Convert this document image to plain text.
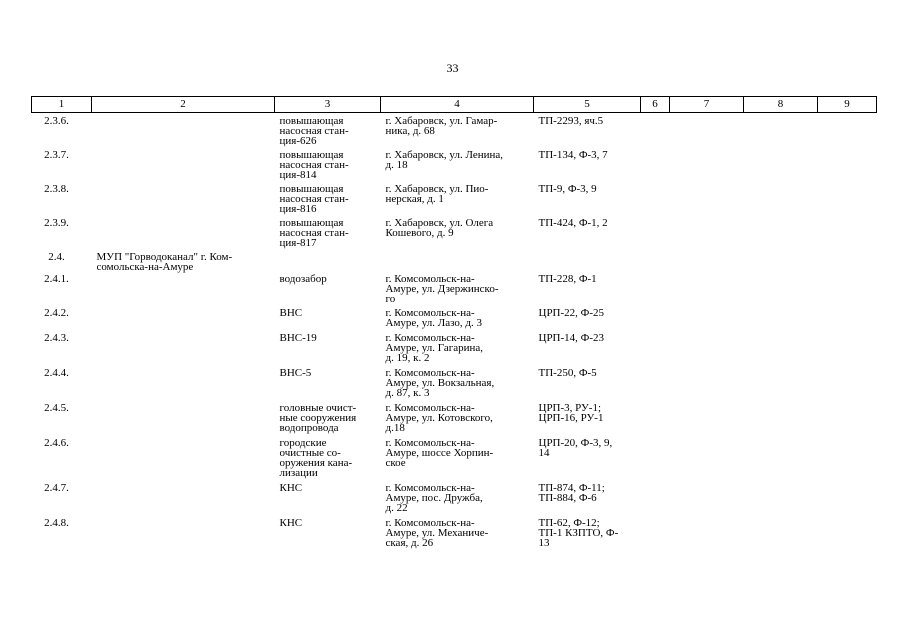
33
1	2	3	4	5	6	7	8	9

2.3.6.		повышающая
насосная стан-
ция-626	г. Хабаровск, ул. Гамар-
ника, д. 68	ТП-2293, яч.5				

2.3.7.		повышающая
насосная стан-
ция-814	г. Хабаровск, ул. Ленина,
д. 18	ТП-134, Ф-3, 7				

2.3.8.		повышающая
насосная стан-
ция-816	г. Хабаровск, ул. Пио-
нерская, д. 1	ТП-9, Ф-3, 9				

2.3.9.		повышающая
насосная стан-
ция-817	г. Хабаровск, ул. Олега
Кошевого, д. 9	ТП-424, Ф-1, 2				

2.4.	МУП "Горводоканал" г. Ком-
сомольска-на-Амуре							

2.4.1.		водозабор	г. Комсомольск-на-
Амуре, ул. Дзержинско-
го	ТП-228, Ф-1				

2.4.2.		ВНС	г. Комсомольск-на-
Амуре, ул. Лазо, д. 3	ЦРП-22, Ф-25				

2.4.3.		ВНС-19	г. Комсомольск-на-
Амуре, ул. Гагарина,
д. 19, к. 2	ЦРП-14, Ф-23				

2.4.4.		ВНС-5	г. Комсомольск-на-
Амуре, ул. Вокзальная,
д. 87, к. 3	ТП-250, Ф-5				

2.4.5.		головные очист-
ные сооружения
водопровода	г. Комсомольск-на-
Амуре, ул. Котовского,
д.18	ЦРП-3, РУ-1;
ЦРП-16, РУ-1				

2.4.6.		городские
очистные со-
оружения кана-
лизации	г. Комсомольск-на-
Амуре, шоссе Хорпин-
ское	ЦРП-20, Ф-3, 9,
14				

2.4.7.		КНС	г. Комсомольск-на-
Амуре, пос. Дружба,
д. 22	ТП-874, Ф-11;
ТП-884, Ф-6				

2.4.8.		КНС	г. Комсомольск-на-
Амуре, ул. Механиче-
ская, д. 26	ТП-62, Ф-12;
ТП-1 КЗПТО, Ф-
13				
